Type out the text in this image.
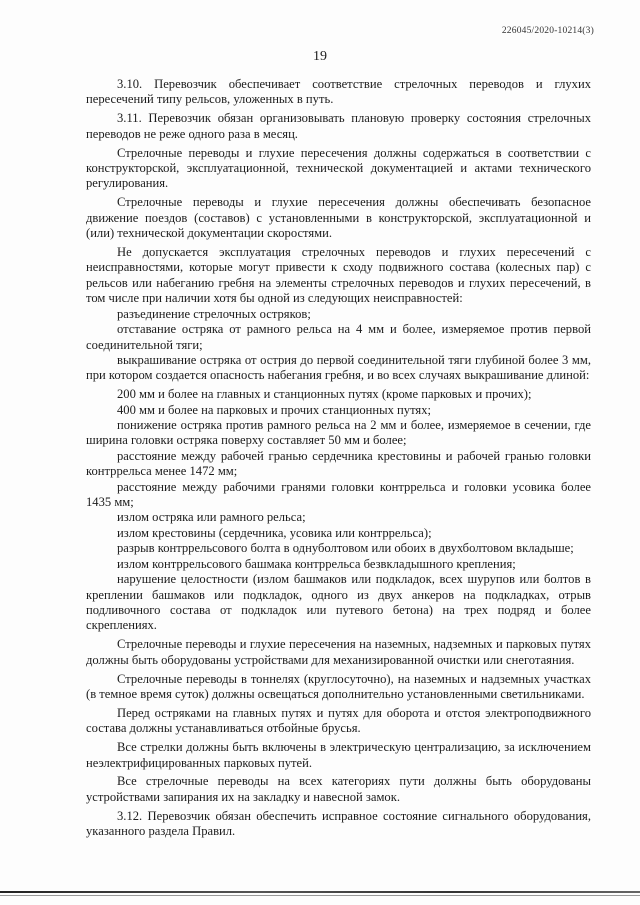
226045/2020-10214(3)
19

3.10. Перевозчик обеспечивает соответствие стрелочных переводов и глухих пересечений типу рельсов, уложенных в путь.

3.11. Перевозчик обязан организовывать плановую проверку состояния стрелочных переводов не реже одного раза в месяц.

Стрелочные переводы и глухие пересечения должны содержаться в соответствии с конструкторской, эксплуатационной, технической документацией и актами технического регулирования.

Стрелочные переводы и глухие пересечения должны обеспечивать безопасное движение поездов (составов) с установленными в конструкторской, эксплуатационной и (или) технической документации скоростями.

Не допускается эксплуатация стрелочных переводов и глухих пересечений с неисправностями, которые могут привести к сходу подвижного состава (колесных пар) с рельсов или набеганию гребня на элементы стрелочных переводов и глухих пересечений, в том числе при наличии хотя бы одной из следующих неисправностей:

разъединение стрелочных остряков;

отставание остряка от рамного рельса на 4 мм и более, измеряемое против первой соединительной тяги;

выкрашивание остряка от острия до первой соединительной тяги глубиной более 3 мм, при котором создается опасность набегания гребня, и во всех случаях выкрашивание длиной:

200 мм и более на главных и станционных путях (кроме парковых и прочих);

400 мм и более на парковых и прочих станционных путях;

понижение остряка против рамного рельса на 2 мм и более, измеряемое в сечении, где ширина головки остряка поверху составляет 50 мм и более;

расстояние между рабочей гранью сердечника крестовины и рабочей гранью головки контррельса менее 1472 мм;

расстояние между рабочими гранями головки контррельса и головки усовика более 1435 мм;

излом остряка или рамного рельса;

излом крестовины (сердечника, усовика или контррельса);

разрыв контррельсового болта в однуболтовом или обоих в двухболтовом вкладыше;

излом контррельсового башмака контррельса безвкладышного крепления;

нарушение целостности (излом башмаков или подкладок, всех шурупов или болтов в креплении башмаков или подкладок, одного из двух анкеров на подкладках, отрыв подливочного состава от подкладок или путевого бетона) на трех подряд и более скреплениях.

Стрелочные переводы и глухие пересечения на наземных, надземных и парковых путях должны быть оборудованы устройствами для механизированной очистки или снеготаяния.

Стрелочные переводы в тоннелях (круглосуточно), на наземных и надземных участках (в темное время суток) должны освещаться дополнительно установленными светильниками.

Перед остряками на главных путях и путях для оборота и отстоя электроподвижного состава должны устанавливаться отбойные брусья.

Все стрелки должны быть включены в электрическую централизацию, за исключением неэлектрифицированных парковых путей.

Все стрелочные переводы на всех категориях пути должны быть оборудованы устройствами запирания их на закладку и навесной замок.

3.12. Перевозчик обязан обеспечить исправное состояние сигнального оборудования, указанного раздела Правил.
